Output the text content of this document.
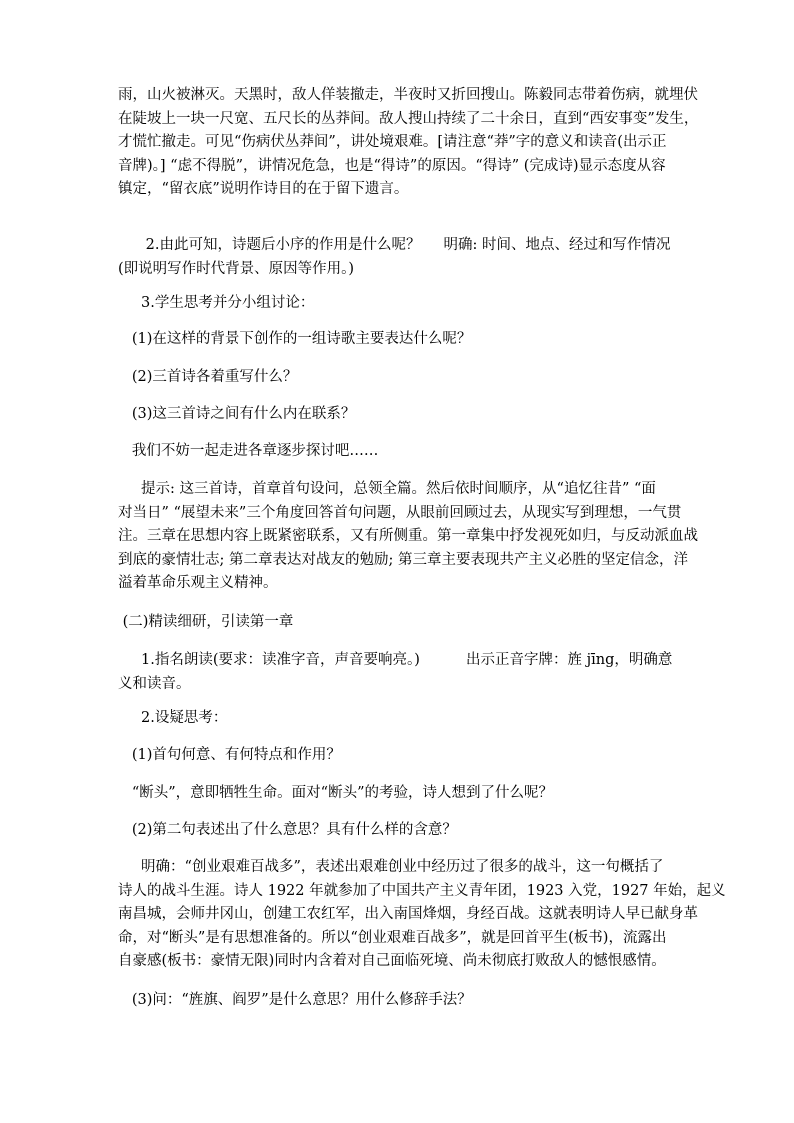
雨，山火被淋灭。天黑时，敌人佯装撤走，半夜时又折回搜山。陈毅同志带着伤病，就埋伏
在陡坡上一块一尺宽、五尺长的丛莽间。敌人搜山持续了二十余日，直到“西安事变”发生，
才慌忙撤走。可见“伤病伏丛莽间”，讲处境艰难。[请注意“莽”字的意义和读音(出示正
音牌)。] “虑不得脱”，讲情况危急，也是“得诗”的原因。“得诗” (完成诗)显示态度从容
镇定，“留衣底”说明作诗目的在于留下遗言。
2.由此可知，诗题后小序的作用是什么呢？     明确: 时间、地点、经过和写作情况
(即说明写作时代背景、原因等作用。)
3.学生思考并分小组讨论：
(1)在这样的背景下创作的一组诗歌主要表达什么呢？
(2)三首诗各着重写什么？
(3)这三首诗之间有什么内在联系？
我们不妨一起走进各章逐步探讨吧……
提示: 这三首诗，首章首句设问，总领全篇。然后依时间顺序，从“追忆往昔” “面
对当日” “展望未来”三个角度回答首句问题，从眼前回顾过去，从现实写到理想，一气贯
注。三章在思想内容上既紧密联系，又有所侧重。第一章集中抒发视死如归，与反动派血战
到底的豪情壮志; 第二章表达对战友的勉励; 第三章主要表现共产主义必胜的坚定信念，洋
溢着革命乐观主义精神。
(二)精读细研，引读第一章
1.指名朗读(要求：读准字音，声音要响亮。)          出示正音字牌：旌 jīng，明确意
义和读音。
2.设疑思考：
(1)首句何意、有何特点和作用？
“断头”，意即牺牲生命。面对“断头”的考验，诗人想到了什么呢？
(2)第二句表述出了什么意思？具有什么样的含意？
明确：“创业艰难百战多”，表述出艰难创业中经历过了很多的战斗，这一句概括了
诗人的战斗生涯。诗人 1922 年就参加了中国共产主义青年团，1923 入党，1927 年始，起义
南昌城，会师井冈山，创建工农红军，出入南国烽烟，身经百战。这就表明诗人早已献身革
命，对“断头”是有思想准备的。所以“创业艰难百战多”，就是回首平生(板书)，流露出
自豪感(板书：豪情无限)同时内含着对自己面临死境、尚未彻底打败敌人的憾恨感情。
(3)问：“旌旗、阎罗”是什么意思？用什么修辞手法？
